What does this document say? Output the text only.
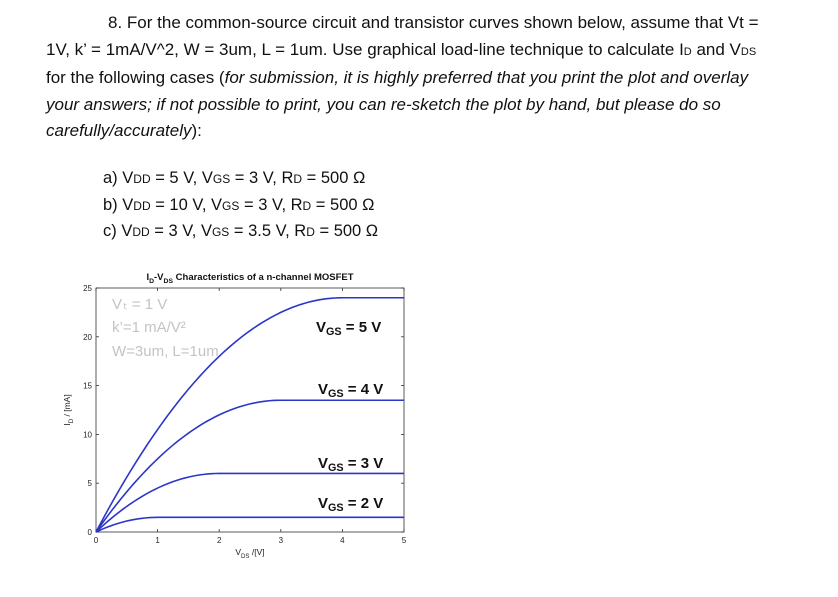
8. For the common-source circuit and transistor curves shown below, assume that Vt =

1V, k’ = 1mA/V^2, W = 3um, L = 1um. Use graphical load-line technique to calculate ID and VDS

for the following cases (for submission, it is highly preferred that you print the plot and overlay

your answers; if not possible to print, you can re-sketch the plot by hand, but please do so

carefully/accurately):

a) VDD = 5 V, VGS = 3 V, RD = 500 Ω
b) VDD = 10 V, VGS = 3 V, RD = 500 Ω
c) VDD = 3 V, VGS = 3.5 V, RD = 500 Ω
0	1	2	3	4	5
0
5
10
15
20
25
$I_D-V_{DS}$ Characteristics of a n-channel MOSFET
$V_{DS}$ /[V]
$I_D / [mA]$
V ₜ = 1 V
k’=1 mA/V²
W=3um, L=1um
$V_{GS} = 2$ V
$V_{GS} = 3$ V
$V_{GS} = 4$ V
$V_{GS} = 5$ V
